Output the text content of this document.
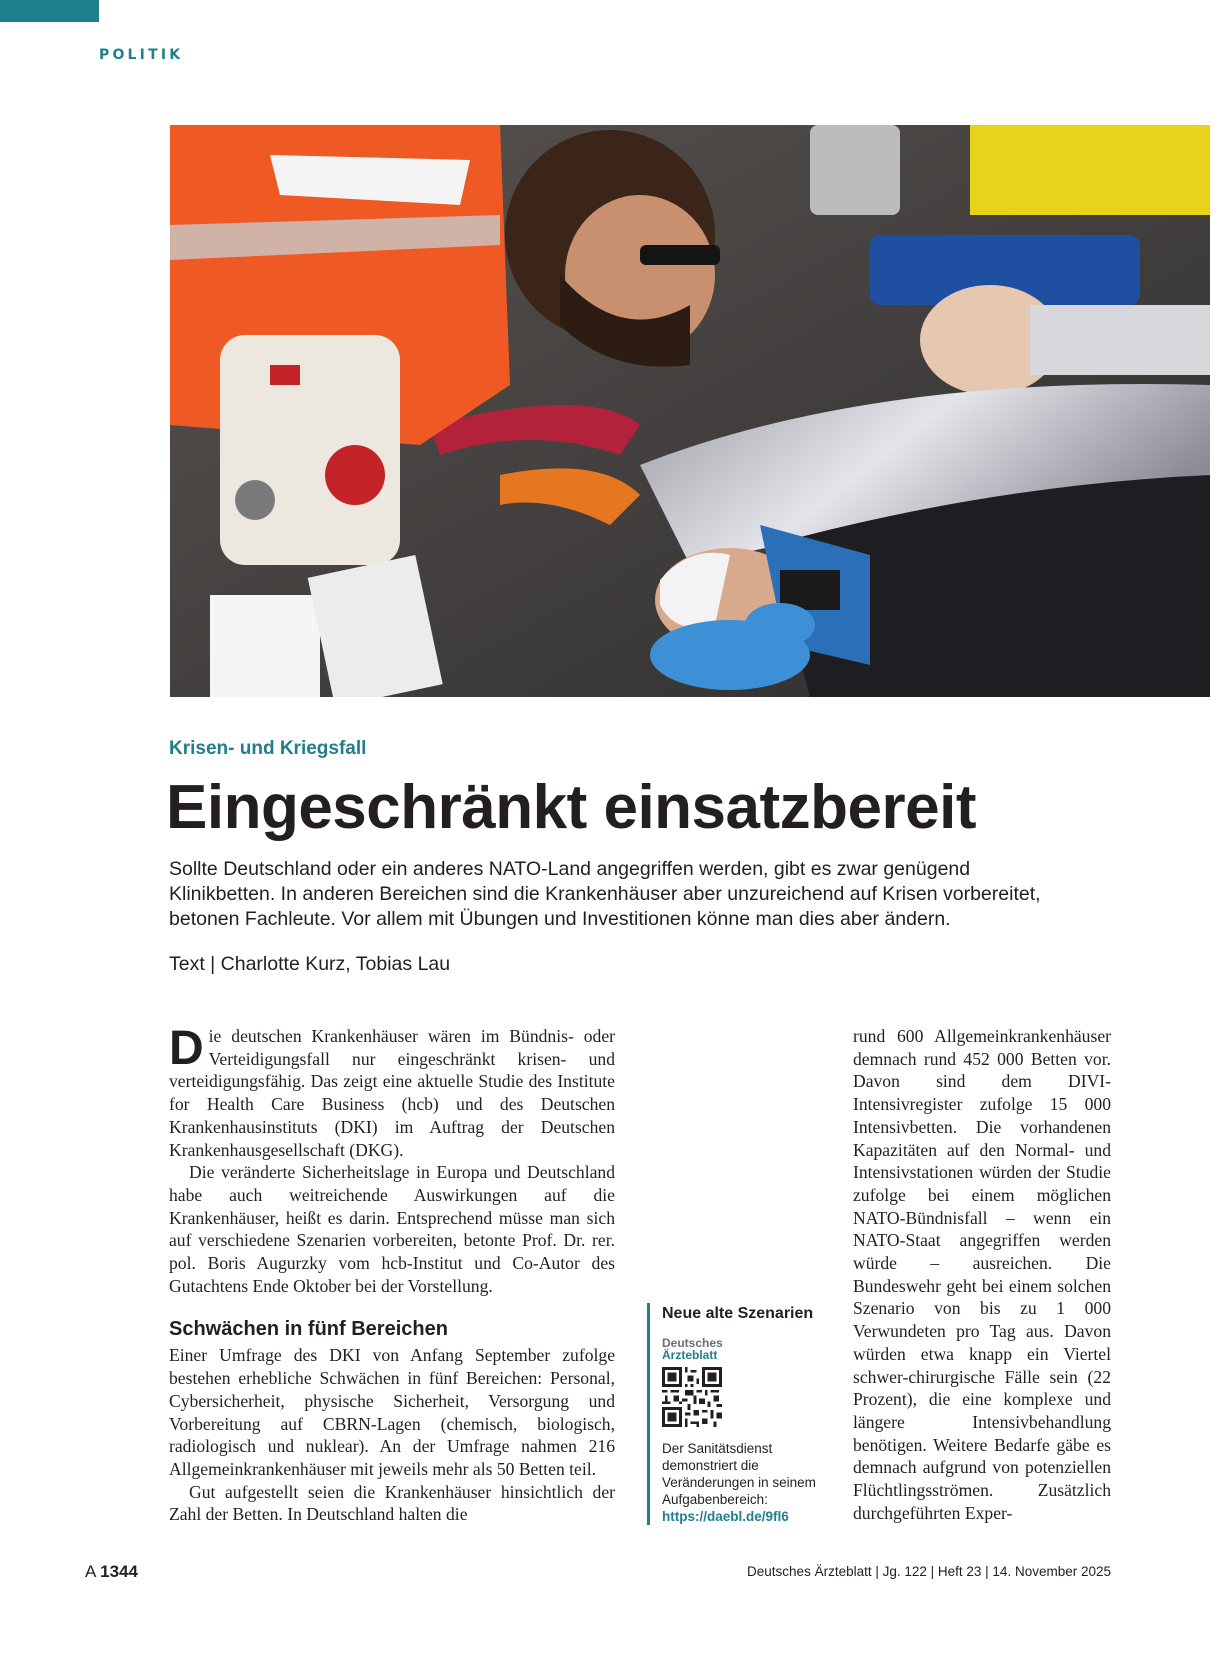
POLITIK
Krisen- und Kriegsfall
Eingeschränkt einsatzbereit

Sollte Deutschland oder ein anderes NATO-Land angegriffen werden, gibt es zwar genügend Klinikbetten. In anderen Bereichen sind die Krankenhäuser aber unzureichend auf Krisen vorbereitet, betonen Fachleute. Vor allem mit Übungen und Investitionen könne man dies aber ändern.

Text | Charlotte Kurz, Tobias Lau

Die deutschen Krankenhäuser wären im Bündnis- oder Verteidigungsfall nur eingeschränkt krisen- und verteidigungsfähig. Das zeigt eine aktuelle Studie des Institute for Health Care Business (hcb) und des Deutschen Krankenhausinstituts (DKI) im Auftrag der Deutschen Krankenhausgesellschaft (DKG).

Die veränderte Sicherheitslage in Europa und Deutschland habe auch weitreichende Auswirkungen auf die Krankenhäuser, heißt es darin. Entsprechend müsse man sich auf verschiedene Szenarien vorbereiten, betonte Prof. Dr. rer. pol. Boris Augurzky vom hcb-Institut und Co-Autor des Gutachtens Ende Oktober bei der Vorstellung.

Schwächen in fünf Bereichen

Einer Umfrage des DKI von Anfang September zufolge bestehen erhebliche Schwächen in fünf Bereichen: Personal, Cybersicherheit, physische Sicherheit, Versorgung und Vorbereitung auf CBRN-Lagen (chemisch, biologisch, radiologisch und nuklear). An der Umfrage nahmen 216 Allgemeinkrankenhäuser mit jeweils mehr als 50 Betten teil.

Gut aufgestellt seien die Krankenhäuser hinsichtlich der Zahl der Betten. In Deutschland halten die

Neue alte Szenarien
Deutsches
Ärzteblatt
Der Sanitätsdienst demonstriert die Veränderungen in seinem Aufgabenbereich:
https://daebl.de/9fl6

rund 600 Allgemeinkrankenhäuser demnach rund 452 000 Betten vor. Davon sind dem DIVI-Intensivregister zufolge 15 000 Intensivbetten. Die vorhandenen Kapazitäten auf den Normal- und Intensivstationen würden der Studie zufolge bei einem möglichen NATO-Bündnisfall – wenn ein NATO-Staat angegriffen werden würde – ausreichen. Die Bundeswehr geht bei einem solchen Szenario von bis zu 1 000 Verwundeten pro Tag aus. Davon würden etwa knapp ein Viertel schwer-chirurgische Fälle sein (22 Prozent), die eine komplexe und längere Intensivbehandlung benötigen. Weitere Bedarfe gäbe es demnach aufgrund von potenziellen Flüchtlingsströmen. Zusätzlich durchgeführten Exper-

A 1344	Deutsches Ärzteblatt | Jg. 122 | Heft 23 | 14. November 2025
